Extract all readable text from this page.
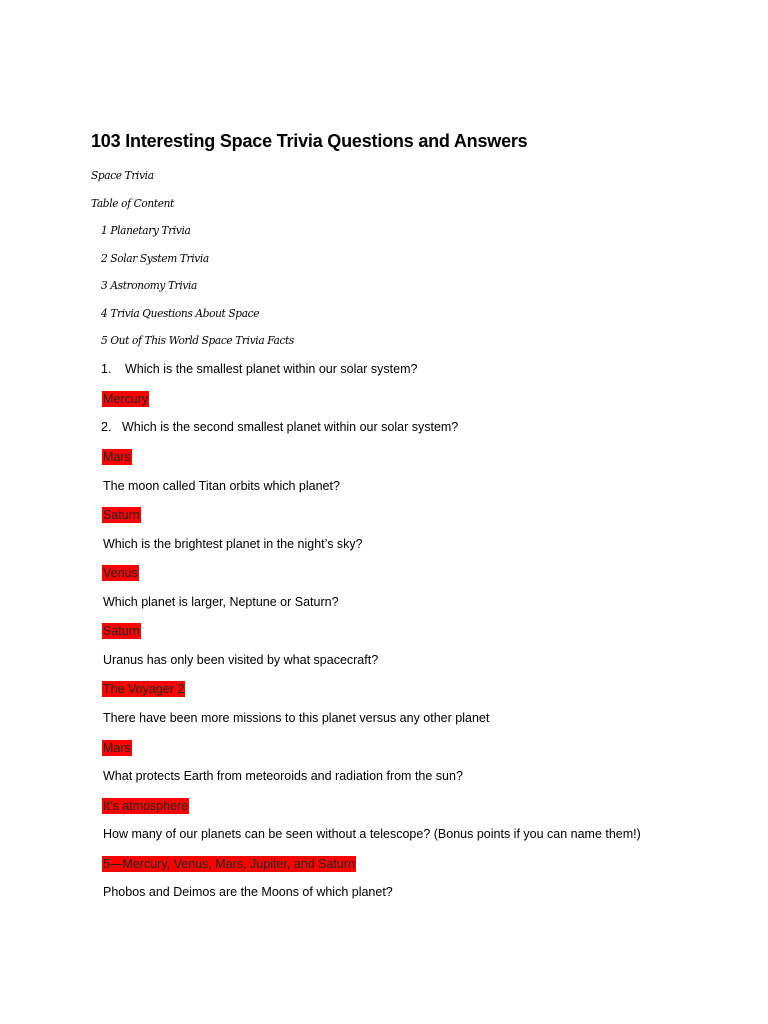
103 Interesting Space Trivia Questions and Answers
Space Trivia
Table of Content
1 Planetary Trivia
2 Solar System Trivia
3 Astronomy Trivia
4 Trivia Questions About Space
5 Out of This World Space Trivia Facts
1. Which is the smallest planet within our solar system?
Mercury
2. Which is the second smallest planet within our solar system?
Mars
The moon called Titan orbits which planet?
Saturn
Which is the brightest planet in the night’s sky?
Venus
Which planet is larger, Neptune or Saturn?
Saturn
Uranus has only been visited by what spacecraft?
The Voyager 2
There have been more missions to this planet versus any other planet
Mars
What protects Earth from meteoroids and radiation from the sun?
It’s atmosphere
How many of our planets can be seen without a telescope? (Bonus points if you can name them!)
5—Mercury, Venus, Mars, Jupiter, and Saturn
Phobos and Deimos are the Moons of which planet?
